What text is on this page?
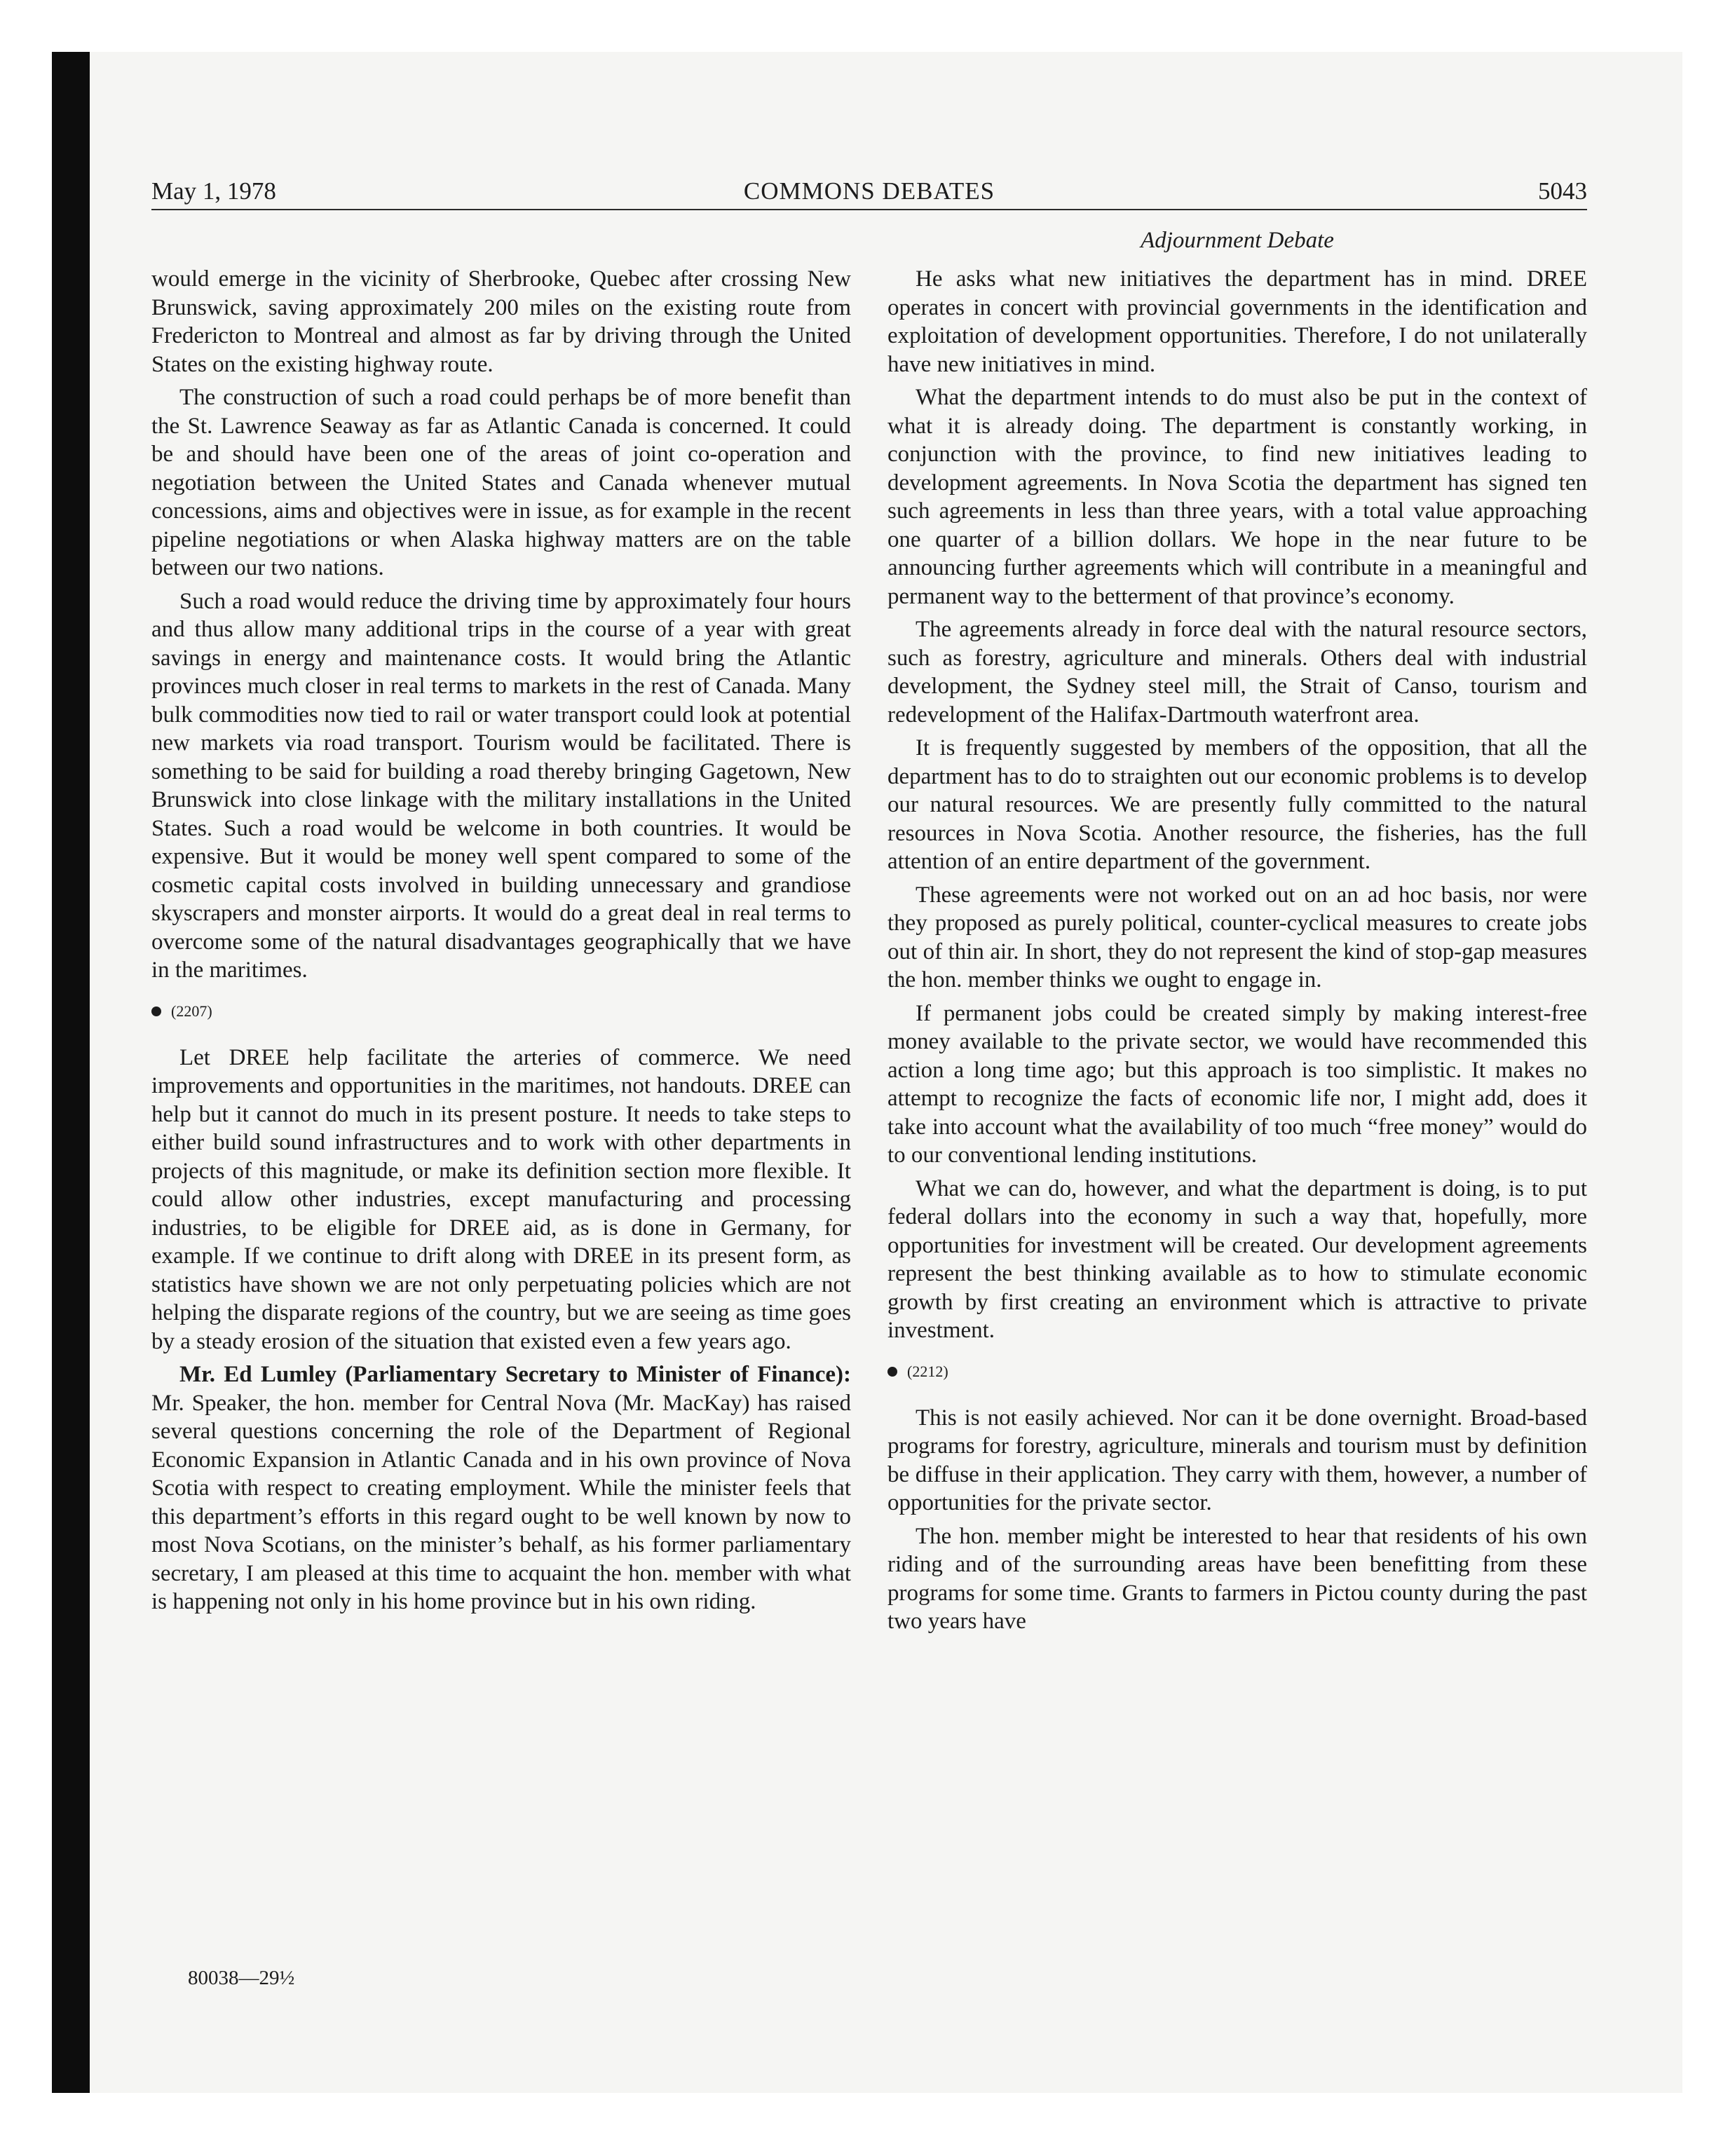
May 1, 1978	COMMONS DEBATES	5043
Adjournment Debate

would emerge in the vicinity of Sherbrooke, Quebec after crossing New Brunswick, saving approximately 200 miles on the existing route from Fredericton to Montreal and almost as far by driving through the United States on the existing highway route.

The construction of such a road could perhaps be of more benefit than the St. Lawrence Seaway as far as Atlantic Canada is concerned. It could be and should have been one of the areas of joint co-operation and negotiation between the United States and Canada whenever mutual concessions, aims and objectives were in issue, as for example in the recent pipeline negotiations or when Alaska highway matters are on the table between our two nations.

Such a road would reduce the driving time by approximately four hours and thus allow many additional trips in the course of a year with great savings in energy and maintenance costs. It would bring the Atlantic provinces much closer in real terms to markets in the rest of Canada. Many bulk commodities now tied to rail or water transport could look at potential new markets via road transport. Tourism would be facilitated. There is something to be said for building a road thereby bringing Gagetown, New Brunswick into close linkage with the military installations in the United States. Such a road would be welcome in both countries. It would be expensive. But it would be money well spent compared to some of the cosmetic capital costs involved in building unnecessary and grandiose skyscrapers and monster airports. It would do a great deal in real terms to overcome some of the natural disadvantages geographically that we have in the maritimes.

(2207)

Let DREE help facilitate the arteries of commerce. We need improvements and opportunities in the maritimes, not handouts. DREE can help but it cannot do much in its present posture. It needs to take steps to either build sound infrastructures and to work with other departments in projects of this magnitude, or make its definition section more flexible. It could allow other industries, except manufacturing and processing industries, to be eligible for DREE aid, as is done in Germany, for example. If we continue to drift along with DREE in its present form, as statistics have shown we are not only perpetuating policies which are not helping the disparate regions of the country, but we are seeing as time goes by a steady erosion of the situation that existed even a few years ago.

Mr. Ed Lumley (Parliamentary Secretary to Minister of Finance): Mr. Speaker, the hon. member for Central Nova (Mr. MacKay) has raised several questions concerning the role of the Department of Regional Economic Expansion in Atlantic Canada and in his own province of Nova Scotia with respect to creating employment. While the minister feels that this department’s efforts in this regard ought to be well known by now to most Nova Scotians, on the minister’s behalf, as his former parliamentary secretary, I am pleased at this time to acquaint the hon. member with what is happening not only in his home province but in his own riding.

He asks what new initiatives the department has in mind. DREE operates in concert with provincial governments in the identification and exploitation of development opportunities. Therefore, I do not unilaterally have new initiatives in mind.

What the department intends to do must also be put in the context of what it is already doing. The department is constantly working, in conjunction with the province, to find new initiatives leading to development agreements. In Nova Scotia the department has signed ten such agreements in less than three years, with a total value approaching one quarter of a billion dollars. We hope in the near future to be announcing further agreements which will contribute in a meaningful and permanent way to the betterment of that province’s economy.

The agreements already in force deal with the natural resource sectors, such as forestry, agriculture and minerals. Others deal with industrial development, the Sydney steel mill, the Strait of Canso, tourism and redevelopment of the Halifax-Dartmouth waterfront area.

It is frequently suggested by members of the opposition, that all the department has to do to straighten out our economic problems is to develop our natural resources. We are presently fully committed to the natural resources in Nova Scotia. Another resource, the fisheries, has the full attention of an entire department of the government.

These agreements were not worked out on an ad hoc basis, nor were they proposed as purely political, counter-cyclical measures to create jobs out of thin air. In short, they do not represent the kind of stop-gap measures the hon. member thinks we ought to engage in.

If permanent jobs could be created simply by making interest-free money available to the private sector, we would have recommended this action a long time ago; but this approach is too simplistic. It makes no attempt to recognize the facts of economic life nor, I might add, does it take into account what the availability of too much “free money” would do to our conventional lending institutions.

What we can do, however, and what the department is doing, is to put federal dollars into the economy in such a way that, hopefully, more opportunities for investment will be created. Our development agreements represent the best thinking available as to how to stimulate economic growth by first creating an environment which is attractive to private investment.

(2212)

This is not easily achieved. Nor can it be done overnight. Broad-based programs for forestry, agriculture, minerals and tourism must by definition be diffuse in their application. They carry with them, however, a number of opportunities for the private sector.

The hon. member might be interested to hear that residents of his own riding and of the surrounding areas have been benefitting from these programs for some time. Grants to farmers in Pictou county during the past two years have

80038—29½
